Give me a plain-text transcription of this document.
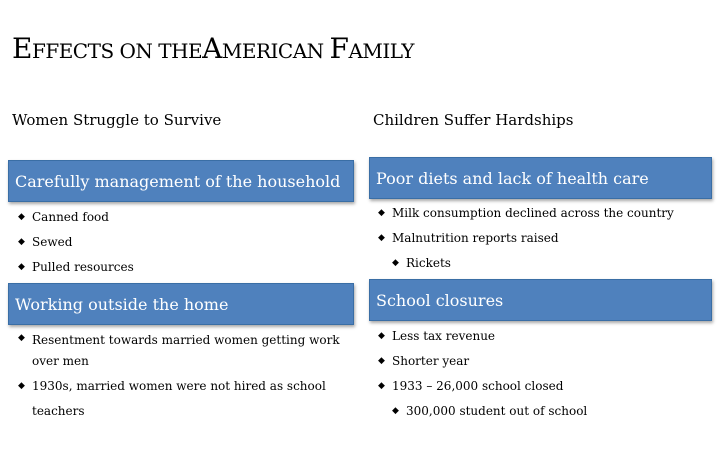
EFFECTS ON THEAMERICAN FAMILY
Women Struggle to Survive
Carefully management of the household
◆ Canned food
◆ Sewed
◆ Pulled resources
Working outside the home
◆ Resentment towards married women getting work over men
◆ 1930s, married women were not hired as school teachers
Children Suffer Hardships
Poor diets and lack of health care
◆ Milk consumption declined across the country
◆ Malnutrition reports raised
◆ Rickets
School closures
◆ Less tax revenue
◆ Shorter year
◆ 1933 – 26,000 school closed
◆ 300,000 student out of school
